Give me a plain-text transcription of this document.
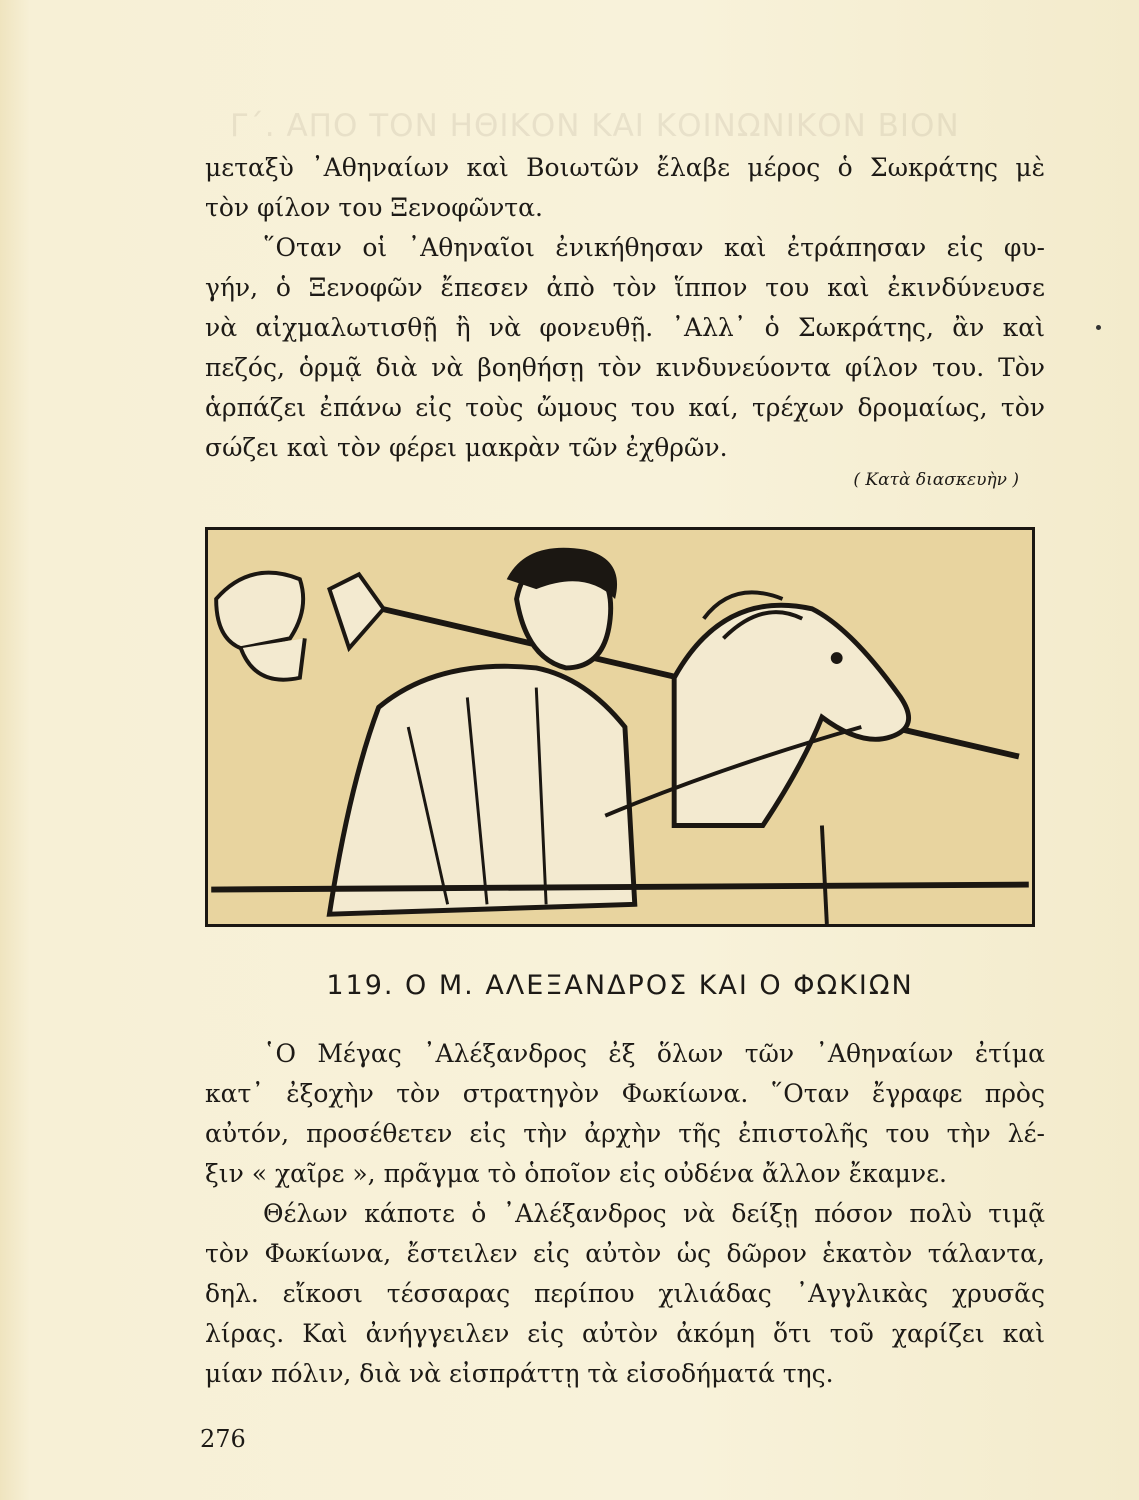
Γ΄. ΑΠΟ ΤΟΝ ΗΘΙΚΟΝ ΚΑΙ ΚΟΙΝΩΝΙΚΟΝ ΒΙΟΝ
μεταξὺ ᾿Αθηναίων καὶ Βοιωτῶν ἔλαβε μέρος ὁ Σωκράτης μὲ
τὸν φίλον του Ξενοφῶντα.
῞Οταν οἱ ᾿Αθηναῖοι ἐνικήθησαν καὶ ἐτράπησαν εἰς φυ-
γήν, ὁ Ξενοφῶν ἔπεσεν ἀπὸ τὸν ἵππον του καὶ ἐκινδύνευσε
νὰ αἰχμαλωτισθῇ ἢ νὰ φονευθῇ. ᾿Αλλ᾿ ὁ Σωκράτης, ἂν καὶ
πεζός, ὁρμᾷ διὰ νὰ βοηθήσῃ τὸν κινδυνεύοντα φίλον του. Τὸν
ἁρπάζει ἐπάνω εἰς τοὺς ὤμους του καί, τρέχων δρομαίως, τὸν
σώζει καὶ τὸν φέρει μακρὰν τῶν ἐχθρῶν.
( Κατὰ διασκευὴν )
119. Ο Μ. ΑΛΕΞΑΝΔΡΟΣ ΚΑΙ Ο ΦΩΚΙΩΝ
῾Ο Μέγας ᾿Αλέξανδρος ἐξ ὅλων τῶν ᾿Αθηναίων ἐτίμα
κατ᾿ ἐξοχὴν τὸν στρατηγὸν Φωκίωνα. ῞Οταν ἔγραφε πρὸς
αὐτόν, προσέθετεν εἰς τὴν ἀρχὴν τῆς ἐπιστολῆς του τὴν λέ-
ξιν « χαῖρε », πρᾶγμα τὸ ὁποῖον εἰς οὐδένα ἄλλον ἔκαμνε.
Θέλων κάποτε ὁ ᾿Αλέξανδρος νὰ δείξῃ πόσον πολὺ τιμᾷ
τὸν Φωκίωνα, ἔστειλεν εἰς αὐτὸν ὡς δῶρον ἑκατὸν τάλαντα,
δηλ. εἴκοσι τέσσαρας περίπου χιλιάδας ᾿Αγγλικὰς χρυσᾶς
λίρας. Καὶ ἀνήγγειλεν εἰς αὐτὸν ἀκόμη ὅτι τοῦ χαρίζει καὶ
μίαν πόλιν, διὰ νὰ εἰσπράττῃ τὰ εἰσοδήματά της.
276
